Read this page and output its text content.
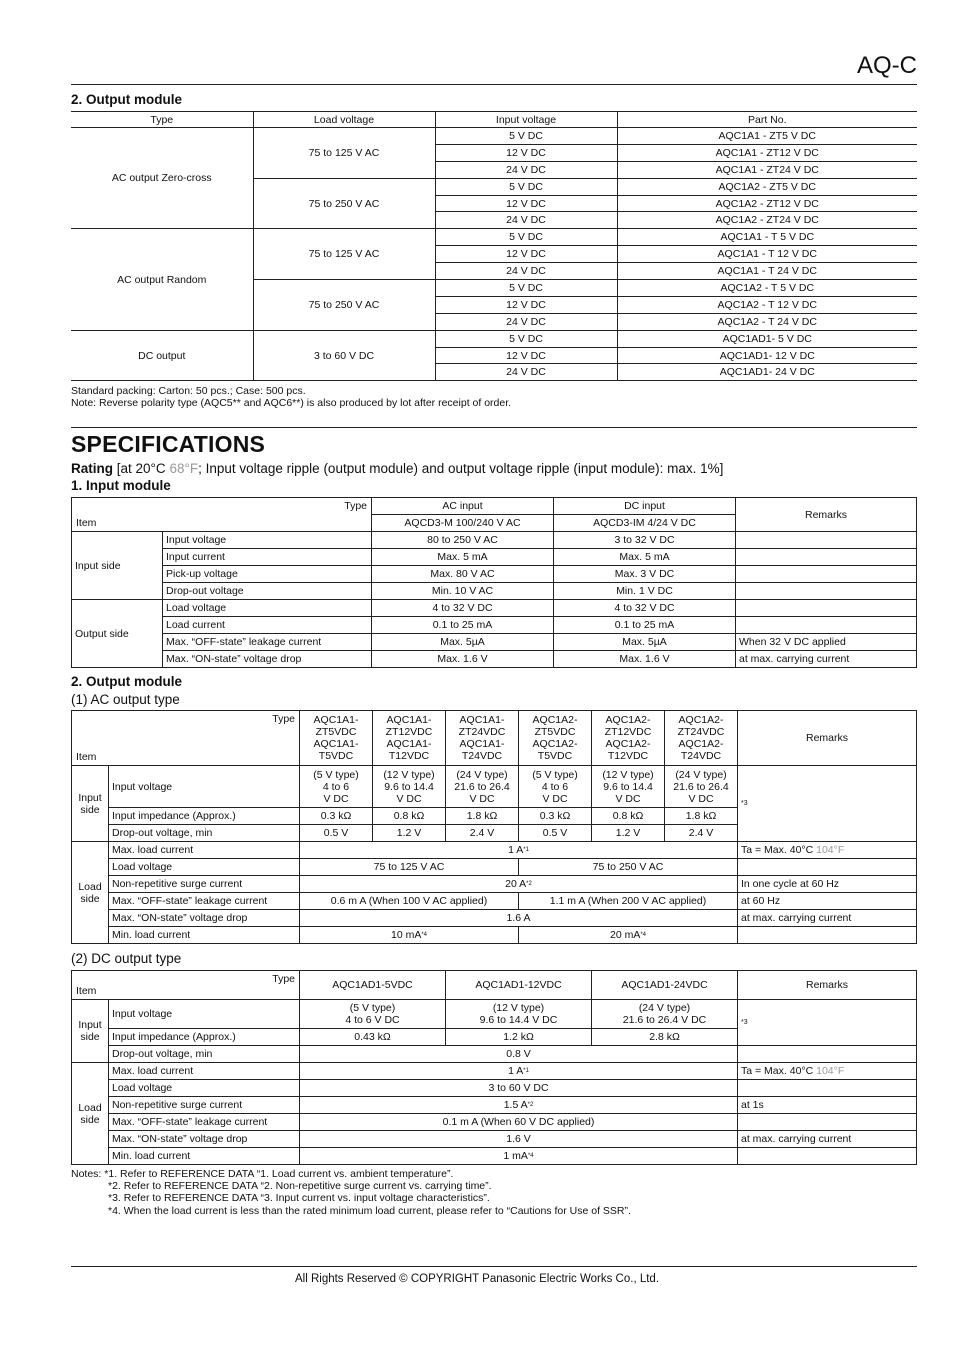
AQ-C
2. Output module
Type	Load voltage	Input voltage	Part No.
AC output Zero-cross	75 to 125 V AC	5 V DC	AQC1A1 - ZT5 V DC
		12 V DC	AQC1A1 - ZT12 V DC
		24 V DC	AQC1A1 - ZT24 V DC
	75 to 250 V AC	5 V DC	AQC1A2 - ZT5 V DC
		12 V DC	AQC1A2 - ZT12 V DC
		24 V DC	AQC1A2 - ZT24 V DC
AC output Random	75 to 125 V AC	5 V DC	AQC1A1 - T 5 V DC
		12 V DC	AQC1A1 - T 12 V DC
		24 V DC	AQC1A1 - T 24 V DC
	75 to 250 V AC	5 V DC	AQC1A2 - T 5 V DC
		12 V DC	AQC1A2 - T 12 V DC
		24 V DC	AQC1A2 - T 24 V DC
DC output	3 to 60 V DC	5 V DC	AQC1AD1- 5 V DC
		12 V DC	AQC1AD1- 12 V DC
		24 V DC	AQC1AD1- 24 V DC
Standard packing: Carton: 50 pcs.; Case: 500 pcs.
Note: Reverse polarity type (AQC5** and AQC6**) is also produced by lot after receipt of order.
SPECIFICATIONS
Rating [at 20°C 68°F; Input voltage ripple (output module) and output voltage ripple (input module): max. 1%]
1. Input module
Type
Item		AC input	DC input	Remarks
		AQCD3-M 100/240 V AC	AQCD3-IM 4/24 V DC	
Input side	Input voltage	80 to 250 V AC	3 to 32 V DC	
	Input current	Max. 5 mA	Max. 5 mA	
	Pick-up voltage	Max. 80 V AC	Max. 3 V DC	
	Drop-out voltage	Min. 10 V AC	Min. 1 V DC	
Output side	Load voltage	4 to 32 V DC	4 to 32 V DC	
	Load current	0.1 to 25 mA	0.1 to 25 mA	
	Max. “OFF-state” leakage current	Max. 5µA	Max. 5µA	When 32 V DC applied
	Max. “ON-state” voltage drop	Max. 1.6 V	Max. 1.6 V	at max. carrying current
2. Output module
(1) AC output type
Type
Item		AQC1A1-
ZT5VDC
AQC1A1-
T5VDC	AQC1A1-
ZT12VDC
AQC1A1-
T12VDC	AQC1A1-
ZT24VDC
AQC1A1-
T24VDC	AQC1A2-
ZT5VDC
AQC1A2-
T5VDC	AQC1A2-
ZT12VDC
AQC1A2-
T12VDC	AQC1A2-
ZT24VDC
AQC1A2-
T24VDC	Remarks
Input
side	Input voltage	(5 V type)
4 to 6
V DC	(12 V type)
9.6 to 14.4
V DC	(24 V type)
21.6 to 26.4
V DC	(5 V type)
4 to 6
V DC	(12 V type)
9.6 to 14.4
V DC	(24 V type)
21.6 to 26.4
V DC	*3
	Input impedance (Approx.)	0.3 kΩ	0.8 kΩ	1.8 kΩ	0.3 kΩ	0.8 kΩ	1.8 kΩ	
	Drop-out voltage, min	0.5 V	1.2 V	2.4 V	0.5 V	1.2 V	2.4 V	
Load
side	Max. load current	1 $A^{*1}$						Ta = Max. 40°C 104°F
	Load voltage	75 to 125 V AC			75 to 250 V AC			
	Non-repetitive surge current	20 $A^{*2}$						In one cycle at 60 Hz
	Max. “OFF-state” leakage current	0.6 m A (When 100 V AC applied)			1.1 m A (When 200 V AC applied)			at 60 Hz
	Max. “ON-state” voltage drop	1.6 A						at max. carrying current
	Min. load current	10 $mA^{*4}$			20 $mA^{*4}$	
(2) DC output type
Type
Item		AQC1AD1-5VDC	AQC1AD1-12VDC	AQC1AD1-24VDC	Remarks
Input
side	Input voltage	(5 V type)
4 to 6 V DC	(12 V type)
9.6 to 14.4 V DC	(24 V type)
21.6 to 26.4 V DC	*3
	Input impedance (Approx.)	0.43 kΩ	1.2 kΩ	2.8 kΩ	
	Drop-out voltage, min	0.8 V			
Load
side	Max. load current	1 $A^{*1}$			Ta = Max. 40°C 104°F
	Load voltage	3 to 60 V DC			
	Non-repetitive surge current	1.5 $A^{*2}$			at 1s
	Max. “OFF-state” leakage current	0.1 m A (When 60 V DC applied)			
	Max. “ON-state” voltage drop	1.6 V			at max. carrying current
	Min. load current	1 $mA^{*4}$	
Notes: *1. Refer to REFERENCE DATA “1. Load current vs. ambient temperature”.
*2. Refer to REFERENCE DATA “2. Non-repetitive surge current vs. carrying time”.
*3. Refer to REFERENCE DATA “3. Input current vs. input voltage characteristics”.
*4. When the load current is less than the rated minimum load current, please refer to “Cautions for Use of SSR”.
All Rights Reserved © COPYRIGHT Panasonic Electric Works Co., Ltd.
